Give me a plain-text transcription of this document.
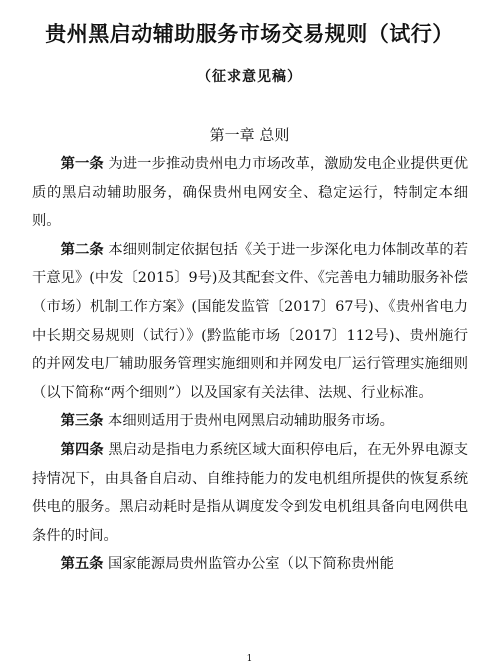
贵州黑启动辅助服务市场交易规则（试行）
（征求意见稿）
第一章 总则

第一条 为进一步推动贵州电力市场改革，激励发电企业提供更优质的黑启动辅助服务，确保贵州电网安全、稳定运行，特制定本细则。

第二条 本细则制定依据包括《关于进一步深化电力体制改革的若干意见》(中发〔2015〕9号)及其配套文件、《完善电力辅助服务补偿（市场）机制工作方案》(国能发监管〔2017〕67号)、《贵州省电力中长期交易规则（试行）》(黔监能市场〔2017〕112号)、贵州施行的并网发电厂辅助服务管理实施细则和并网发电厂运行管理实施细则（以下简称“两个细则”）以及国家有关法律、法规、行业标准。

第三条 本细则适用于贵州电网黑启动辅助服务市场。

第四条 黑启动是指电力系统区域大面积停电后，在无外界电源支持情况下，由具备自启动、自维持能力的发电机组所提供的恢复系统供电的服务。黑启动耗时是指从调度发令到发电机组具备向电网供电条件的时间。

第五条 国家能源局贵州监管办公室（以下简称贵州能

1
